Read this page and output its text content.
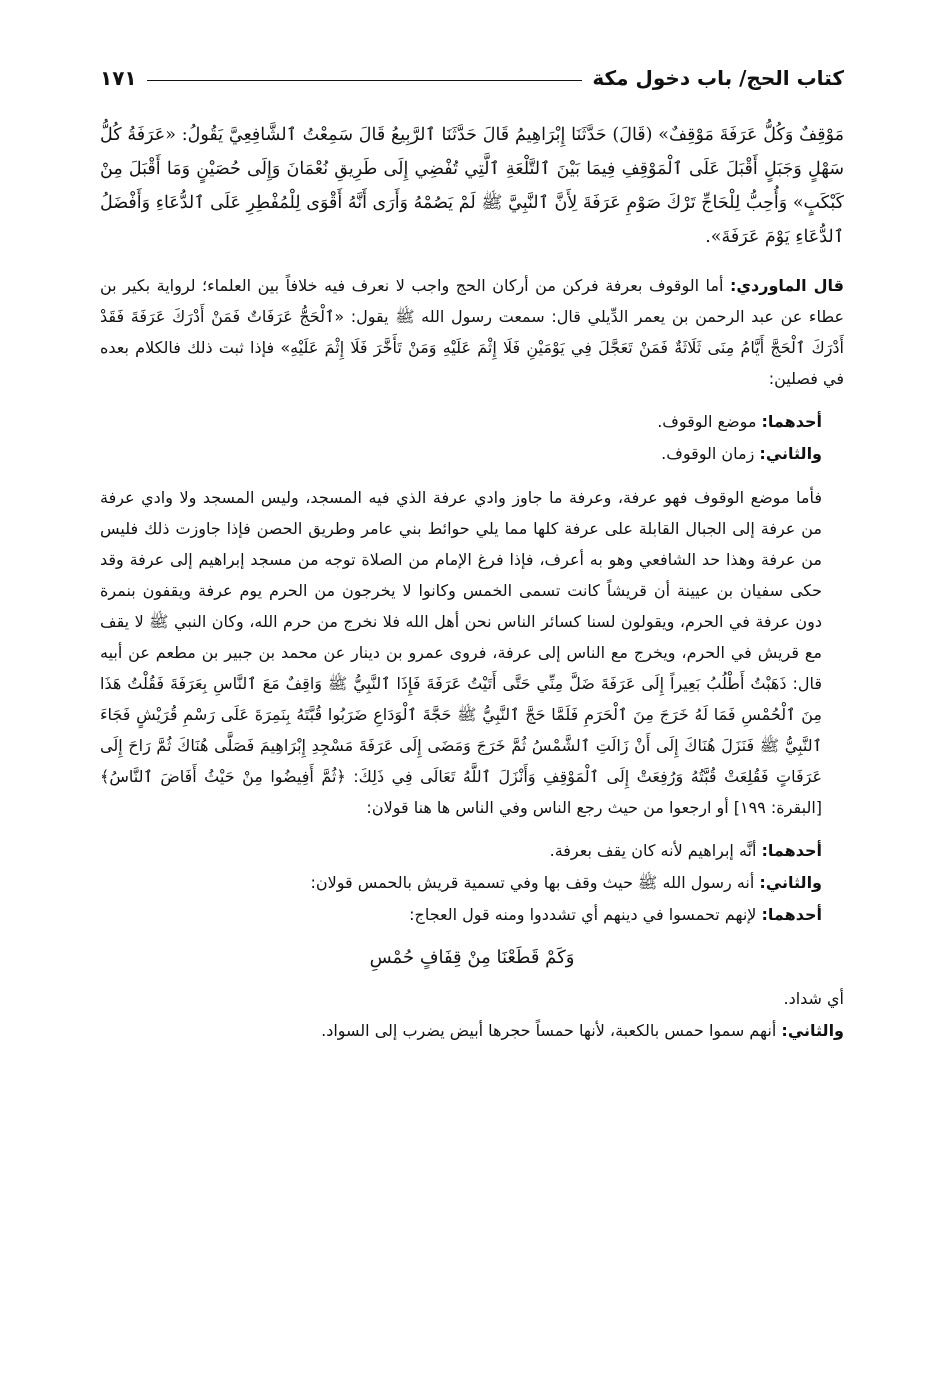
كتاب الحج/ باب دخول مكة
١٧١

مَوْقِفٌ وَكُلُّ عَرَفَةَ مَوْقِفٌ» (قَالَ) حَدَّثَنَا إِبْرَاهِيمُ قَالَ حَدَّثَنَا ٱلرَّبِيعُ قَالَ سَمِعْتُ ٱلشَّافِعِيَّ يَقُولُ: «عَرَفَةُ كُلُّ سَهْلٍ وَجَبَلٍ أَقْبَلَ عَلَى ٱلْمَوْقِفِ فِيمَا بَيْنَ ٱلتَّلْعَةِ ٱلَّتِي تُفْضِي إِلَى طَرِيقِ نُعْمَانَ وَإِلَى حُصَيْنٍ وَمَا أَقْبَلَ مِنْ كَبْكَبٍ» وَأُحِبُّ لِلْحَاجِّ تَرْكَ صَوْمِ عَرَفَةَ لِأَنَّ ٱلنَّبِيَّ ﷺ لَمْ يَصُمْهُ وَأَرَى أَنَّهُ أَقْوَى لِلْمُفْطِرِ عَلَى ٱلدُّعَاءِ وَأَفْضَلُ ٱلدُّعَاءِ يَوْمَ عَرَفَةَ».

قال الماوردي: أما الوقوف بعرفة فركن من أركان الحج واجب لا نعرف فيه خلافاً بين العلماء؛ لرواية بكير بن عطاء عن عبد الرحمن بن يعمر الدِّيلي قال: سمعت رسول الله ﷺ يقول: «ٱلْحَجُّ عَرَفَاتٌ فَمَنْ أَدْرَكَ عَرَفَةَ فَقَدْ أَدْرَكَ ٱلْحَجَّ أَيَّامُ مِنَى ثَلَاثَةٌ فَمَنْ تَعَجَّلَ فِي يَوْمَيْنِ فَلَا إِثْمَ عَلَيْهِ وَمَنْ تَأَخَّرَ فَلَا إِثْمَ عَلَيْهِ» فإذا ثبت ذلك فالكلام بعده في فصلين:

أحدهما: موضع الوقوف.
والثاني: زمان الوقوف.

فأما موضع الوقوف فهو عرفة، وعرفة ما جاوز وادي عرفة الذي فيه المسجد، وليس المسجد ولا وادي عرفة من عرفة إلى الجبال القابلة على عرفة كلها مما يلي حوائط بني عامر وطريق الحصن فإذا جاوزت ذلك فليس من عرفة وهذا حد الشافعي وهو به أعرف، فإذا فرغ الإمام من الصلاة توجه من مسجد إبراهيم إلى عرفة وقد حكى سفيان بن عيينة أن قريشاً كانت تسمى الخمس وكانوا لا يخرجون من الحرم يوم عرفة ويقفون بنمرة دون عرفة في الحرم، ويقولون لسنا كسائر الناس نحن أهل الله فلا نخرج من حرم الله، وكان النبي ﷺ لا يقف مع قريش في الحرم، ويخرج مع الناس إلى عرفة، فروى عمرو بن دينار عن محمد بن جبير بن مطعم عن أبيه قال: ذَهَبْتُ أَطْلُبُ بَعِيراً إِلَى عَرَفَةَ ضَلَّ مِنِّي حَتَّى أَتَيْتُ عَرَفَةَ فَإِذَا ٱلنَّبِيُّ ﷺ وَاقِفٌ مَعَ ٱلنَّاسِ بِعَرَفَةَ فَقُلْتُ هَذَا مِنَ ٱلْحُمْسِ فَمَا لَهُ خَرَجَ مِنَ ٱلْحَرَمِ فَلَمَّا حَجَّ ٱلنَّبِيُّ ﷺ حَجَّةَ ٱلْوَدَاعِ ضَرَبُوا قُبَّتَهُ بِنَمِرَةَ عَلَى رَسْمِ قُرَيْشٍ فَجَاءَ ٱلنَّبِيُّ ﷺ فَنَزَلَ هُنَاكَ إِلَى أَنْ زَالَتِ ٱلشَّمْسُ ثُمَّ خَرَجَ وَمَضَى إِلَى عَرَفَةَ مَسْجِدِ إِبْرَاهِيمَ فَصَلَّى هُنَاكَ ثُمَّ رَاحَ إِلَى عَرَفَاتٍ فَقُلِعَتْ قُبَّتُهُ وَرُفِعَتْ إِلَى ٱلْمَوْقِفِ وَأَنْزَلَ ٱللَّهُ تَعَالَى فِي ذَلِكَ: ﴿ثُمَّ أَفِيضُوا مِنْ حَيْثُ أَفَاضَ ٱلنَّاسُ﴾ [البقرة: ١٩٩] أو ارجعوا من حيث رجع الناس وفي الناس ها هنا قولان:

أحدهما: أنَّه إبراهيم لأنه كان يقف بعرفة.
والثاني: أنه رسول الله ﷺ حيث وقف بها وفي تسمية قريش بالحمس قولان:
أحدهما: لإنهم تحمسوا في دينهم أي تشددوا ومنه قول العجاج:

وَكَمْ قَطَعْنَا مِنْ قِفَافٍ حُمْسِ

أي شداد.
والثاني: أنهم سموا حمس بالكعبة، لأنها حمساً حجرها أبيض يضرب إلى السواد.
